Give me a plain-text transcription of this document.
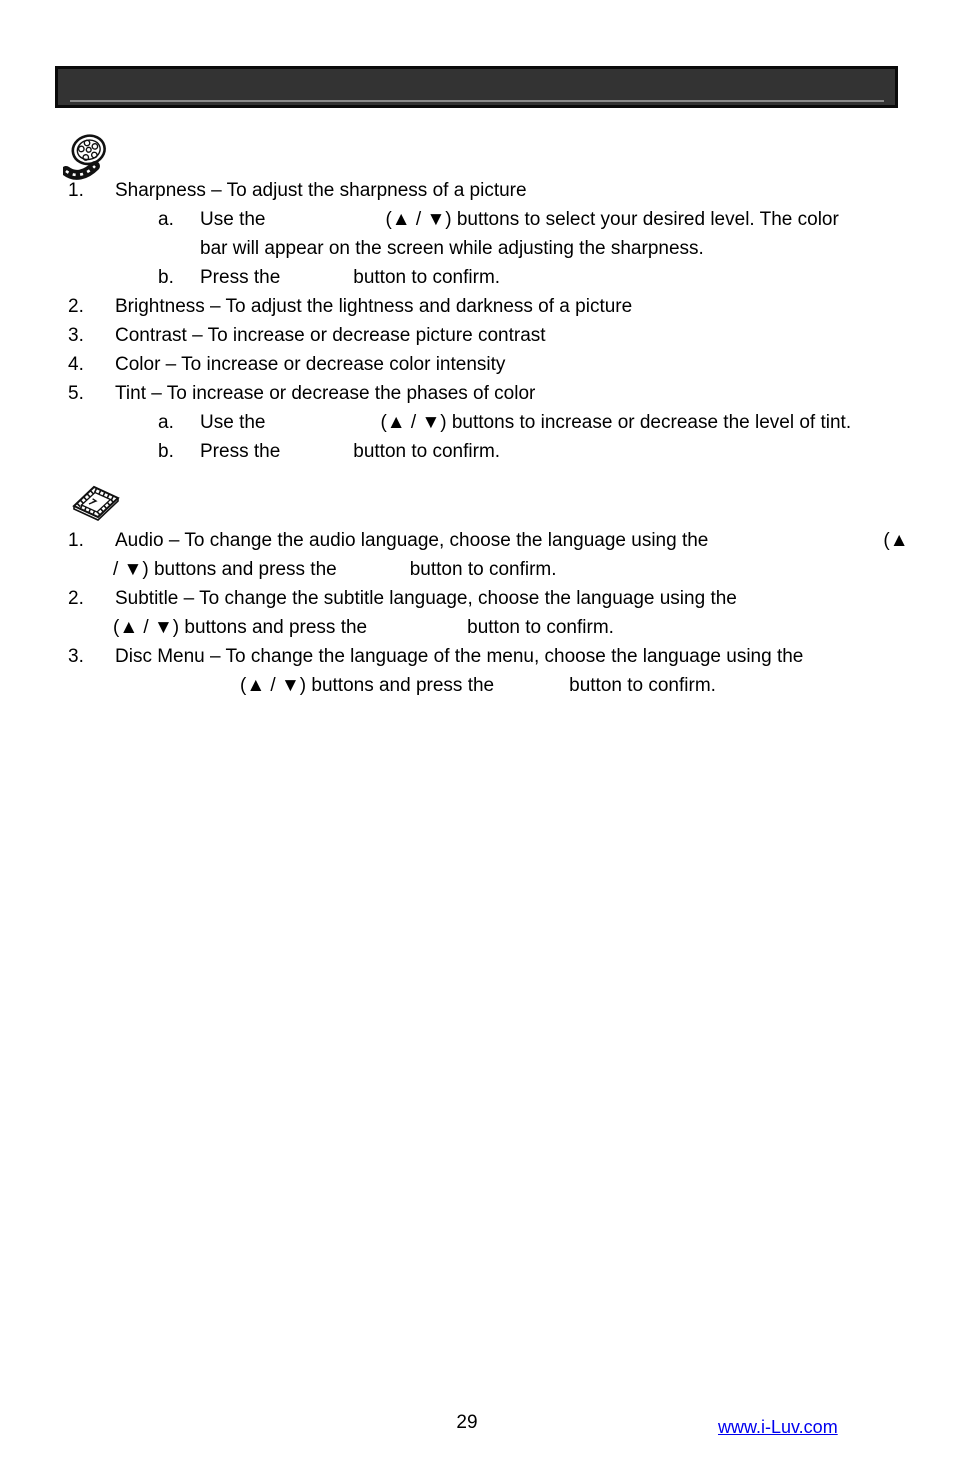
1.	Sharpness – To adjust the sharpness of a picture
a.	Use the	(▲ / ▼) buttons to select your desired level. The color
bar will appear on the screen while adjusting the sharpness.
b.	Press the	button to confirm.
2.	Brightness – To adjust the lightness and darkness of a picture
3.	Contrast – To increase or decrease picture contrast
4.	Color – To increase or decrease color intensity
5.	Tint – To increase or decrease the phases of color
a.	Use the	(▲ / ▼) buttons to increase or decrease the level of tint.
b.	Press the	button to confirm.
1.	Audio – To change the audio language, choose the language using the	(▲
/ ▼) buttons and press the	button to confirm.
2.	Subtitle – To change the subtitle language, choose the language using the
(▲ / ▼) buttons and press the	button to confirm.
3.	Disc Menu – To change the language of the menu, choose the language using the
(▲ / ▼) buttons and press the	button to confirm.
29	www.i-Luv.com
